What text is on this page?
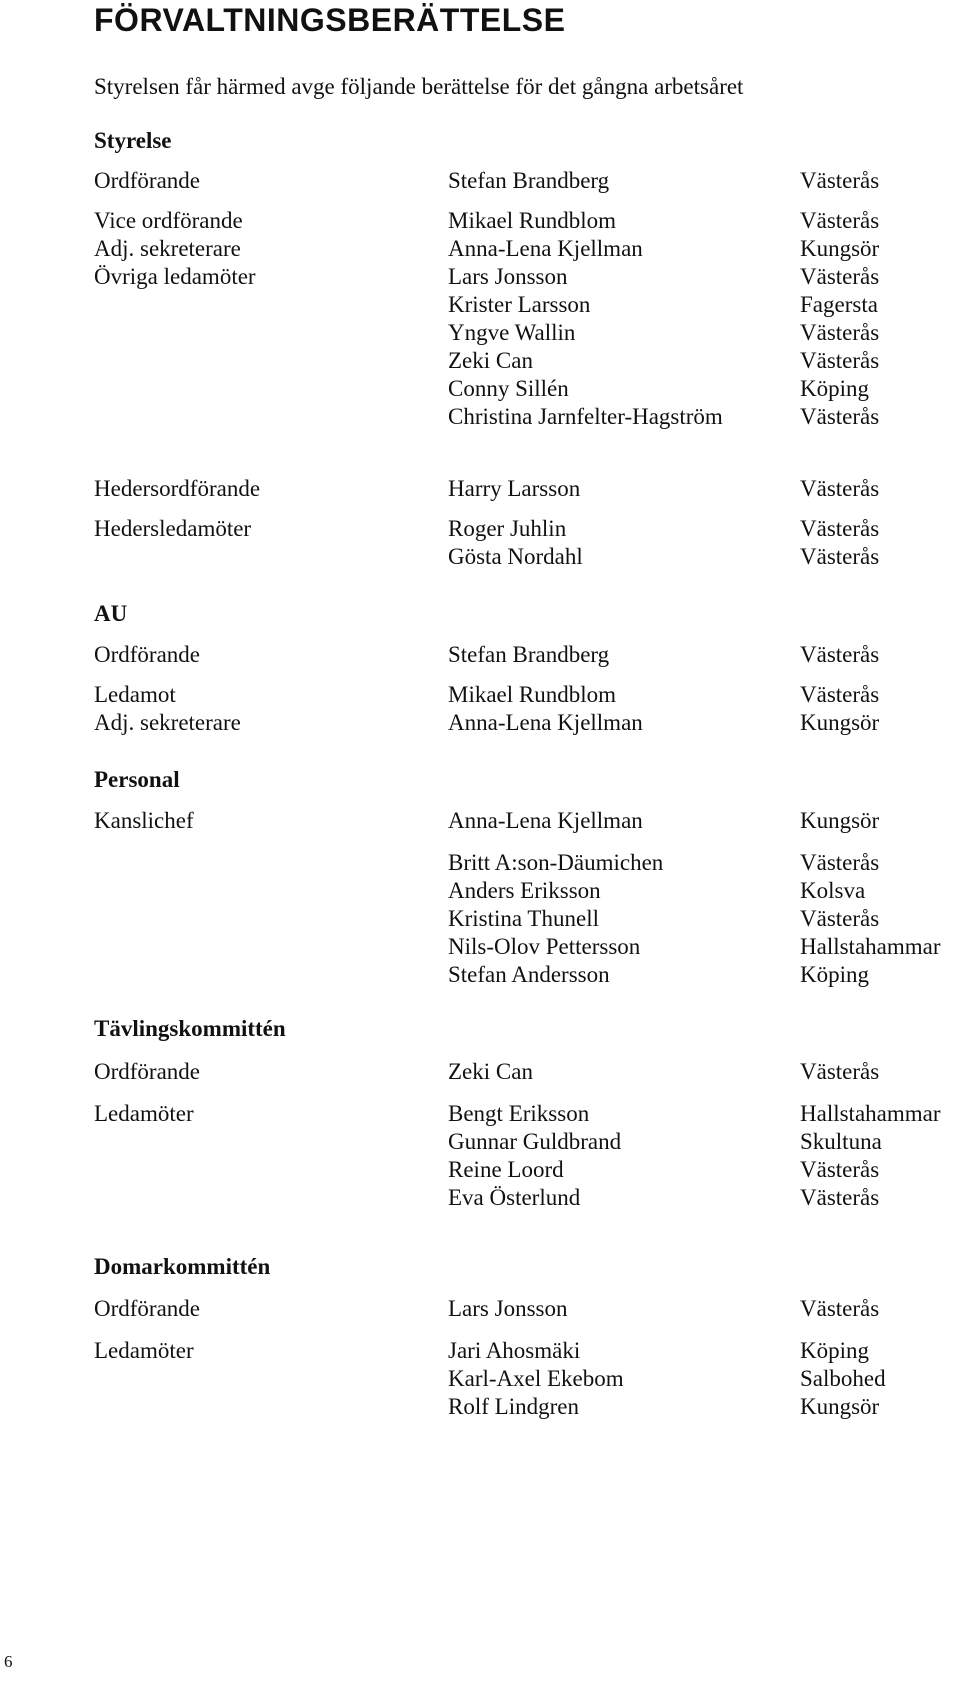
FÖRVALTNINGSBERÄTTELSE
Styrelsen får härmed avge följande berättelse för det gångna arbetsåret
Styrelse
Ordförande	Stefan Brandberg	Västerås
Vice ordförande	Mikael Rundblom	Västerås
Adj. sekreterare	Anna-Lena Kjellman	Kungsör
Övriga ledamöter	Lars Jonsson	Västerås
Krister Larsson	Fagersta
Yngve Wallin	Västerås
Zeki Can	Västerås
Conny Sillén	Köping
Christina Jarnfelter-Hagström	Västerås
Hedersordförande	Harry Larsson	Västerås
Hedersledamöter	Roger Juhlin	Västerås
Gösta Nordahl	Västerås
AU
Ordförande	Stefan Brandberg	Västerås
Ledamot	Mikael Rundblom	Västerås
Adj. sekreterare	Anna-Lena Kjellman	Kungsör
Personal
Kanslichef	Anna-Lena Kjellman	Kungsör
Britt A:son-Däumichen	Västerås
Anders Eriksson	Kolsva
Kristina Thunell	Västerås
Nils-Olov Pettersson	Hallstahammar
Stefan Andersson	Köping
Tävlingskommittén
Ordförande	Zeki Can	Västerås
Ledamöter	Bengt Eriksson	Hallstahammar
Gunnar Guldbrand	Skultuna
Reine Loord	Västerås
Eva Österlund	Västerås
Domarkommittén
Ordförande	Lars Jonsson	Västerås
Ledamöter	Jari Ahosmäki	Köping
Karl-Axel Ekebom	Salbohed
Rolf Lindgren	Kungsör
6
